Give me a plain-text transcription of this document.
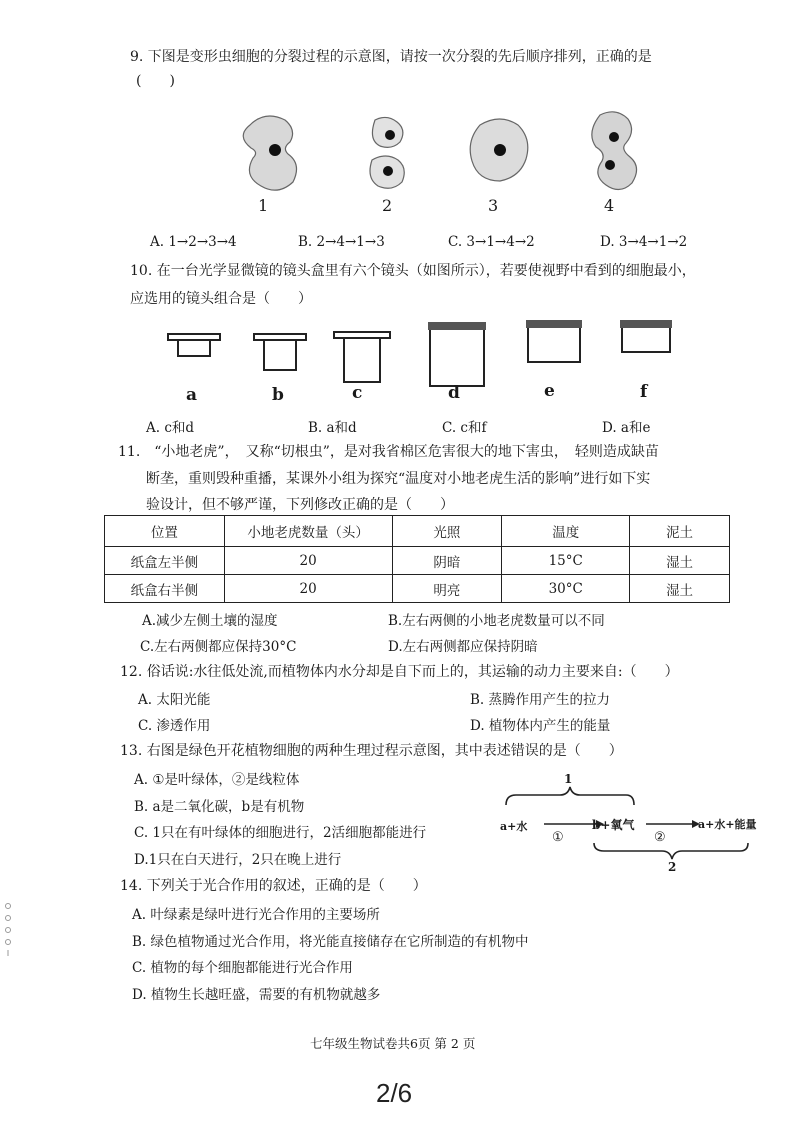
9. 下图是变形虫细胞的分裂过程的示意图，请按一次分裂的先后顺序排列，正确的是
(　　)
1	2	3	4
A. 1→2→3→4	B. 2→4→1→3	C. 3→1→4→2	D. 3→4→1→2
10. 在一台光学显微镜的镜头盒里有六个镜头（如图所示），若要使视野中看到的细胞最小，
应选用的镜头组合是（　　）
a	b	c	d	e	f
A. c和d	B. a和d	C. c和f	D. a和e
11.　“小地老虎”，　又称“切根虫”，是对我省棉区危害很大的地下害虫，　轻则造成缺苗
断垄，重则毁种重播，某课外小组为探究“温度对小地老虎生活的影响”进行如下实
验设计，但不够严谨，下列修改正确的是（　　）
位置	小地老虎数量（头）	光照	温度	泥土
纸盒左半侧	20	阴暗	15°C	湿土
纸盒右半侧	20	明亮	30°C	湿土
A.减少左侧土壤的湿度	B.左右两侧的小地老虎数量可以不同
C.左右两侧都应保持30°C	D.左右两侧都应保持阴暗
12. 俗话说:水往低处流,而植物体内水分却是自下而上的，其运输的动力主要来自:（　　）
A. 太阳光能	B. 蒸腾作用产生的拉力
C. 渗透作用	D. 植物体内产生的能量
13. 右图是绿色开花植物细胞的两种生理过程示意图，其中表述错误的是（　　）
A. ①是叶绿体，②是线粒体
B. a是二氧化碳，b是有机物
C. 1只在有叶绿体的细胞进行，2活细胞都能进行
D.1只在白天进行，2只在晚上进行
1
a+水
①
b+氧气
②
a+水+能量
2
14. 下列关于光合作用的叙述，正确的是（　　）
A. 叶绿素是绿叶进行光合作用的主要场所
B. 绿色植物通过光合作用，将光能直接储存在它所制造的有机物中
C. 植物的每个细胞都能进行光合作用
D. 植物生长越旺盛，需要的有机物就越多
七年级生物试卷共6页 第 2 页
2/6
